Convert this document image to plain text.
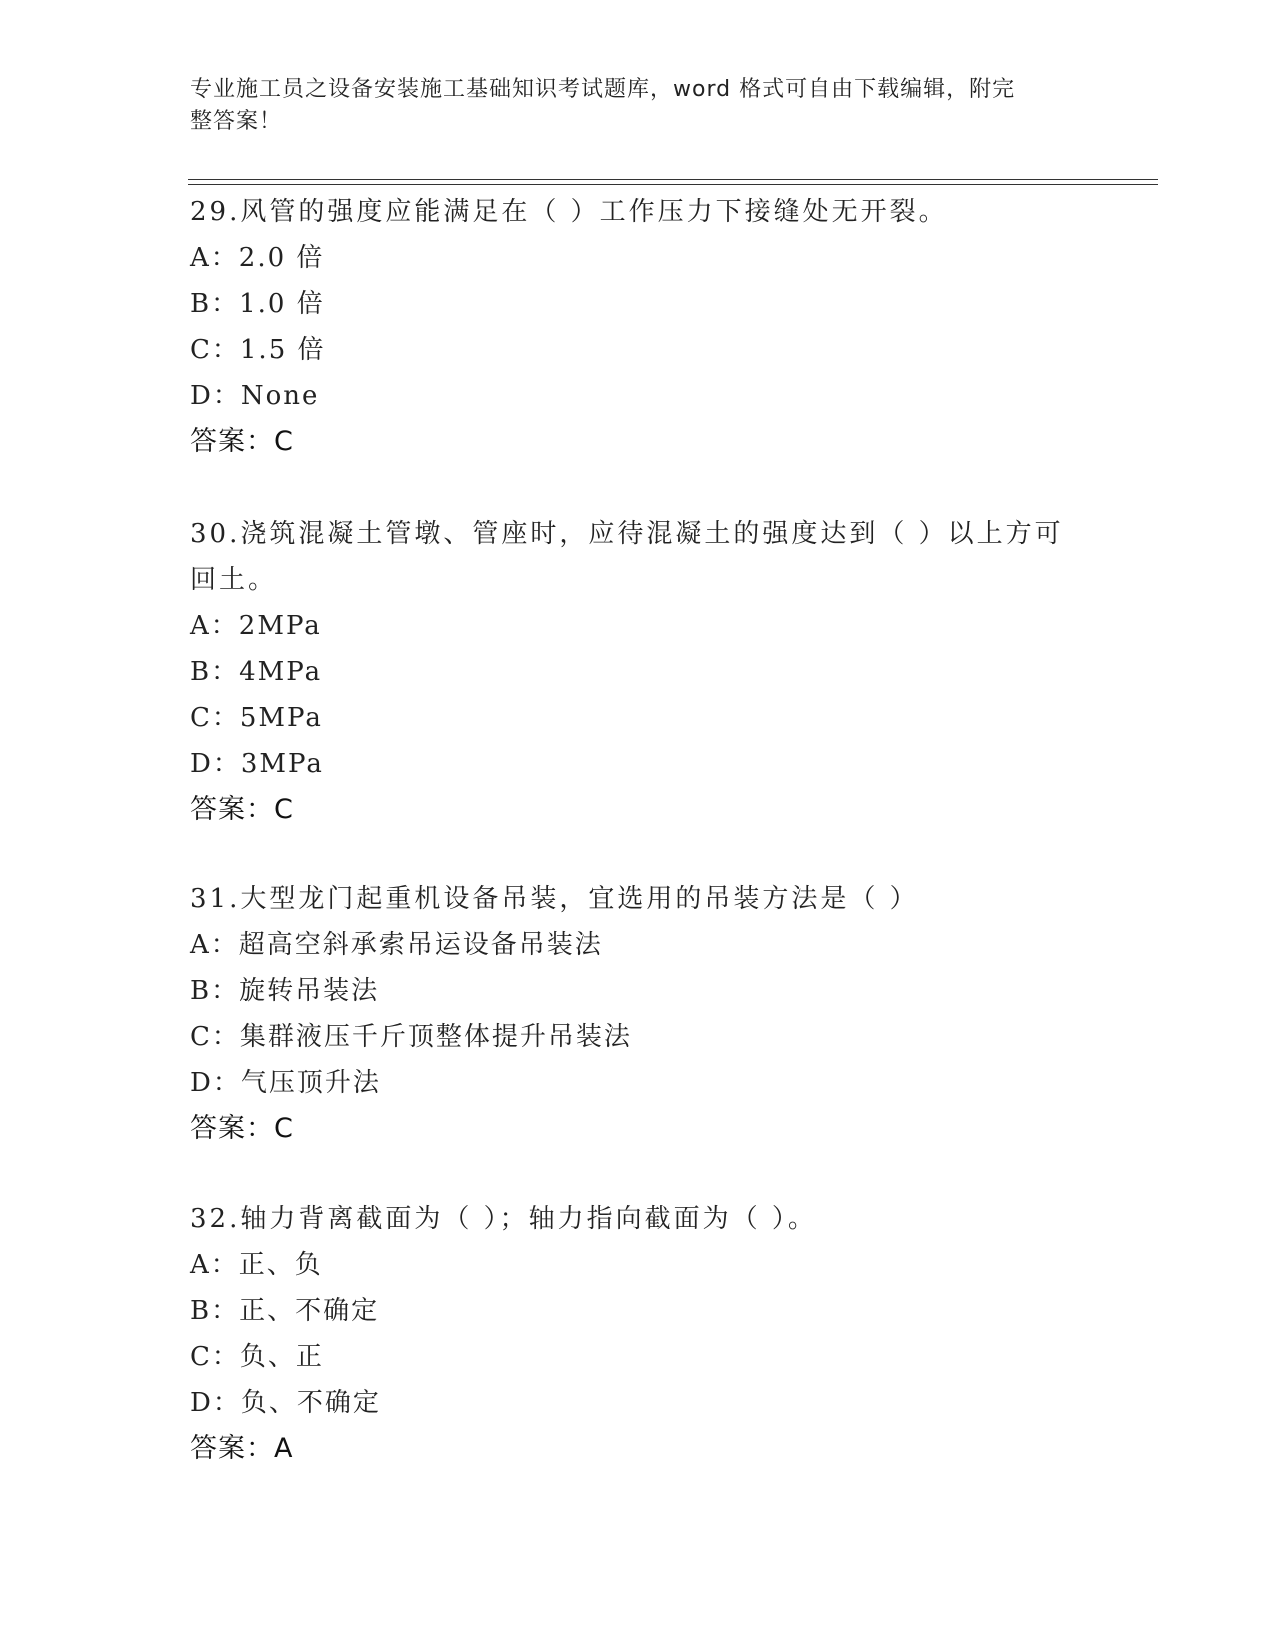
专业施工员之设备安装施工基础知识考试题库，word 格式可自由下载编辑，附完
整答案！

29.风管的强度应能满足在（ ）工作压力下接缝处无开裂。

A：2.0 倍

B：1.0 倍

C：1.5 倍

D：None

答案：C

30.浇筑混凝土管墩、管座时，应待混凝土的强度达到（ ）以上方可

回土。

A：2MPa

B：4MPa

C：5MPa

D：3MPa

答案：C

31.大型龙门起重机设备吊装，宜选用的吊装方法是（ ）

A：超高空斜承索吊运设备吊装法

B：旋转吊装法

C：集群液压千斤顶整体提升吊装法

D：气压顶升法

答案：C

32.轴力背离截面为（ ）；轴力指向截面为（ ）。

A：正、负

B：正、不确定

C：负、正

D：负、不确定

答案：A
